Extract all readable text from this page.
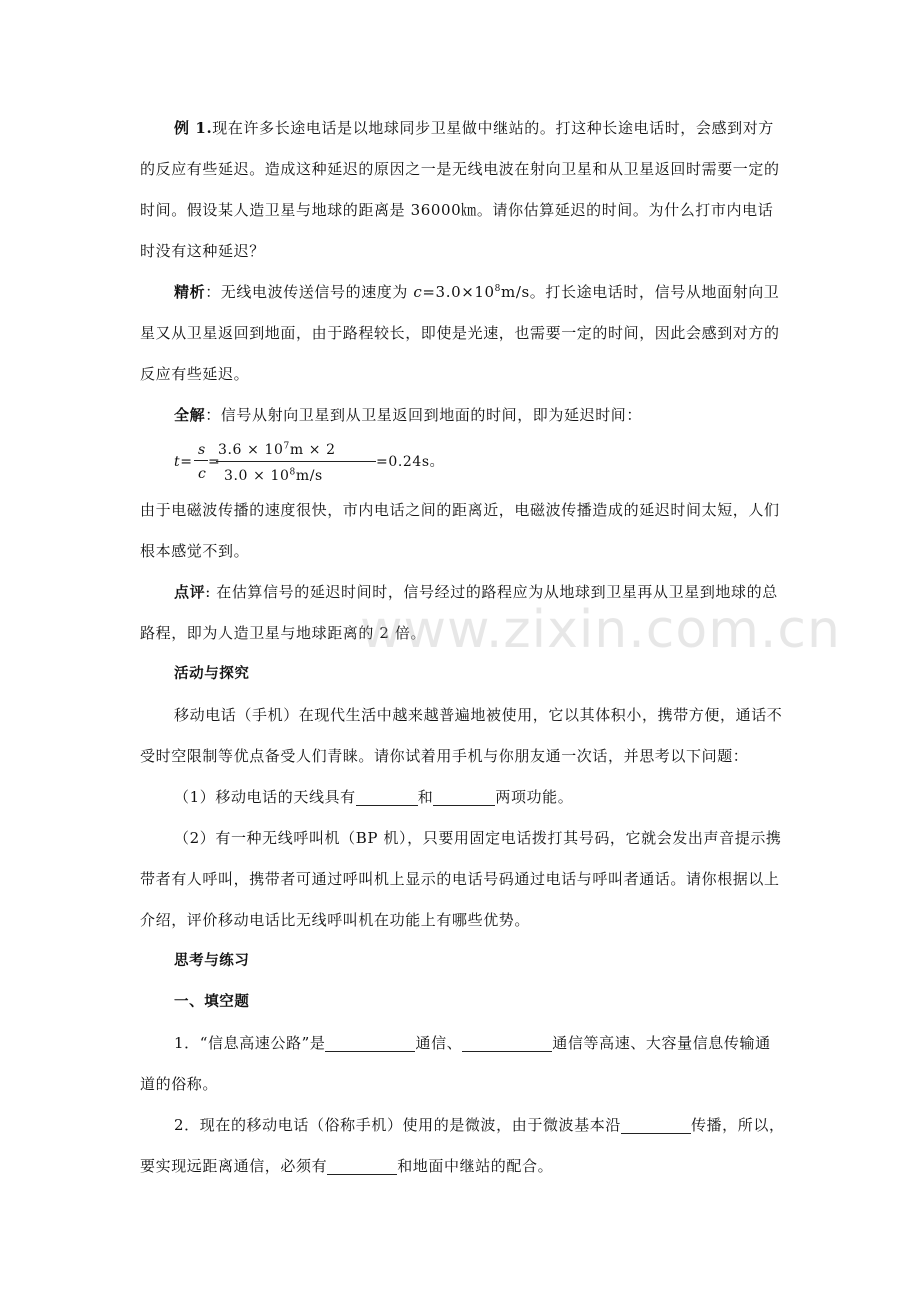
例 1.现在许多长途电话是以地球同步卫星做中继站的。打这种长途电话时，会感到对方的反应有些延迟。造成这种延迟的原因之一是无线电波在射向卫星和从卫星返回时需要一定的时间。假设某人造卫星与地球的距离是 36000㎞。请你估算延迟的时间。为什么打市内电话时没有这种延迟？

精析：无线电波传送信号的速度为 $c=3.0\times 10^8m/s$。打长途电话时，信号从地面射向卫星又从卫星返回到地面，由于路程较长，即使是光速，也需要一定的时间，因此会感到对方的反应有些延迟。

全解：信号从射向卫星到从卫星返回到地面的时间，即为延迟时间：

t=
s
c
=
$3.6 \times 10^7m \times 2$
$3.0 \times 10^8m/s$
=0.24s。

由于电磁波传播的速度很快，市内电话之间的距离近，电磁波传播造成的延迟时间太短，人们根本感觉不到。

点评: 在估算信号的延迟时间时，信号经过的路程应为从地球到卫星再从卫星到地球的总路程，即为人造卫星与地球距离的 2 倍。

活动与探究

移动电话（手机）在现代生活中越来越普遍地被使用，它以其体积小，携带方便，通话不受时空限制等优点备受人们青睐。请你试着用手机与你朋友通一次话，并思考以下问题：

（1）移动电话的天线具有	和	两项功能。

（2）有一种无线呼叫机（BP 机），只要用固定电话拨打其号码，它就会发出声音提示携带者有人呼叫，携带者可通过呼叫机上显示的电话号码通过电话与呼叫者通话。请你根据以上介绍，评价移动电话比无线呼叫机在功能上有哪些优势。

思考与练习

一、填空题

1．“信息高速公路”是	通信、	通信等高速、大容量信息传输通道的俗称。

2．现在的移动电话（俗称手机）使用的是微波，由于微波基本沿	传播，所以，要实现远距离通信，必须有	和地面中继站的配合。

www.zixin.com.cn
